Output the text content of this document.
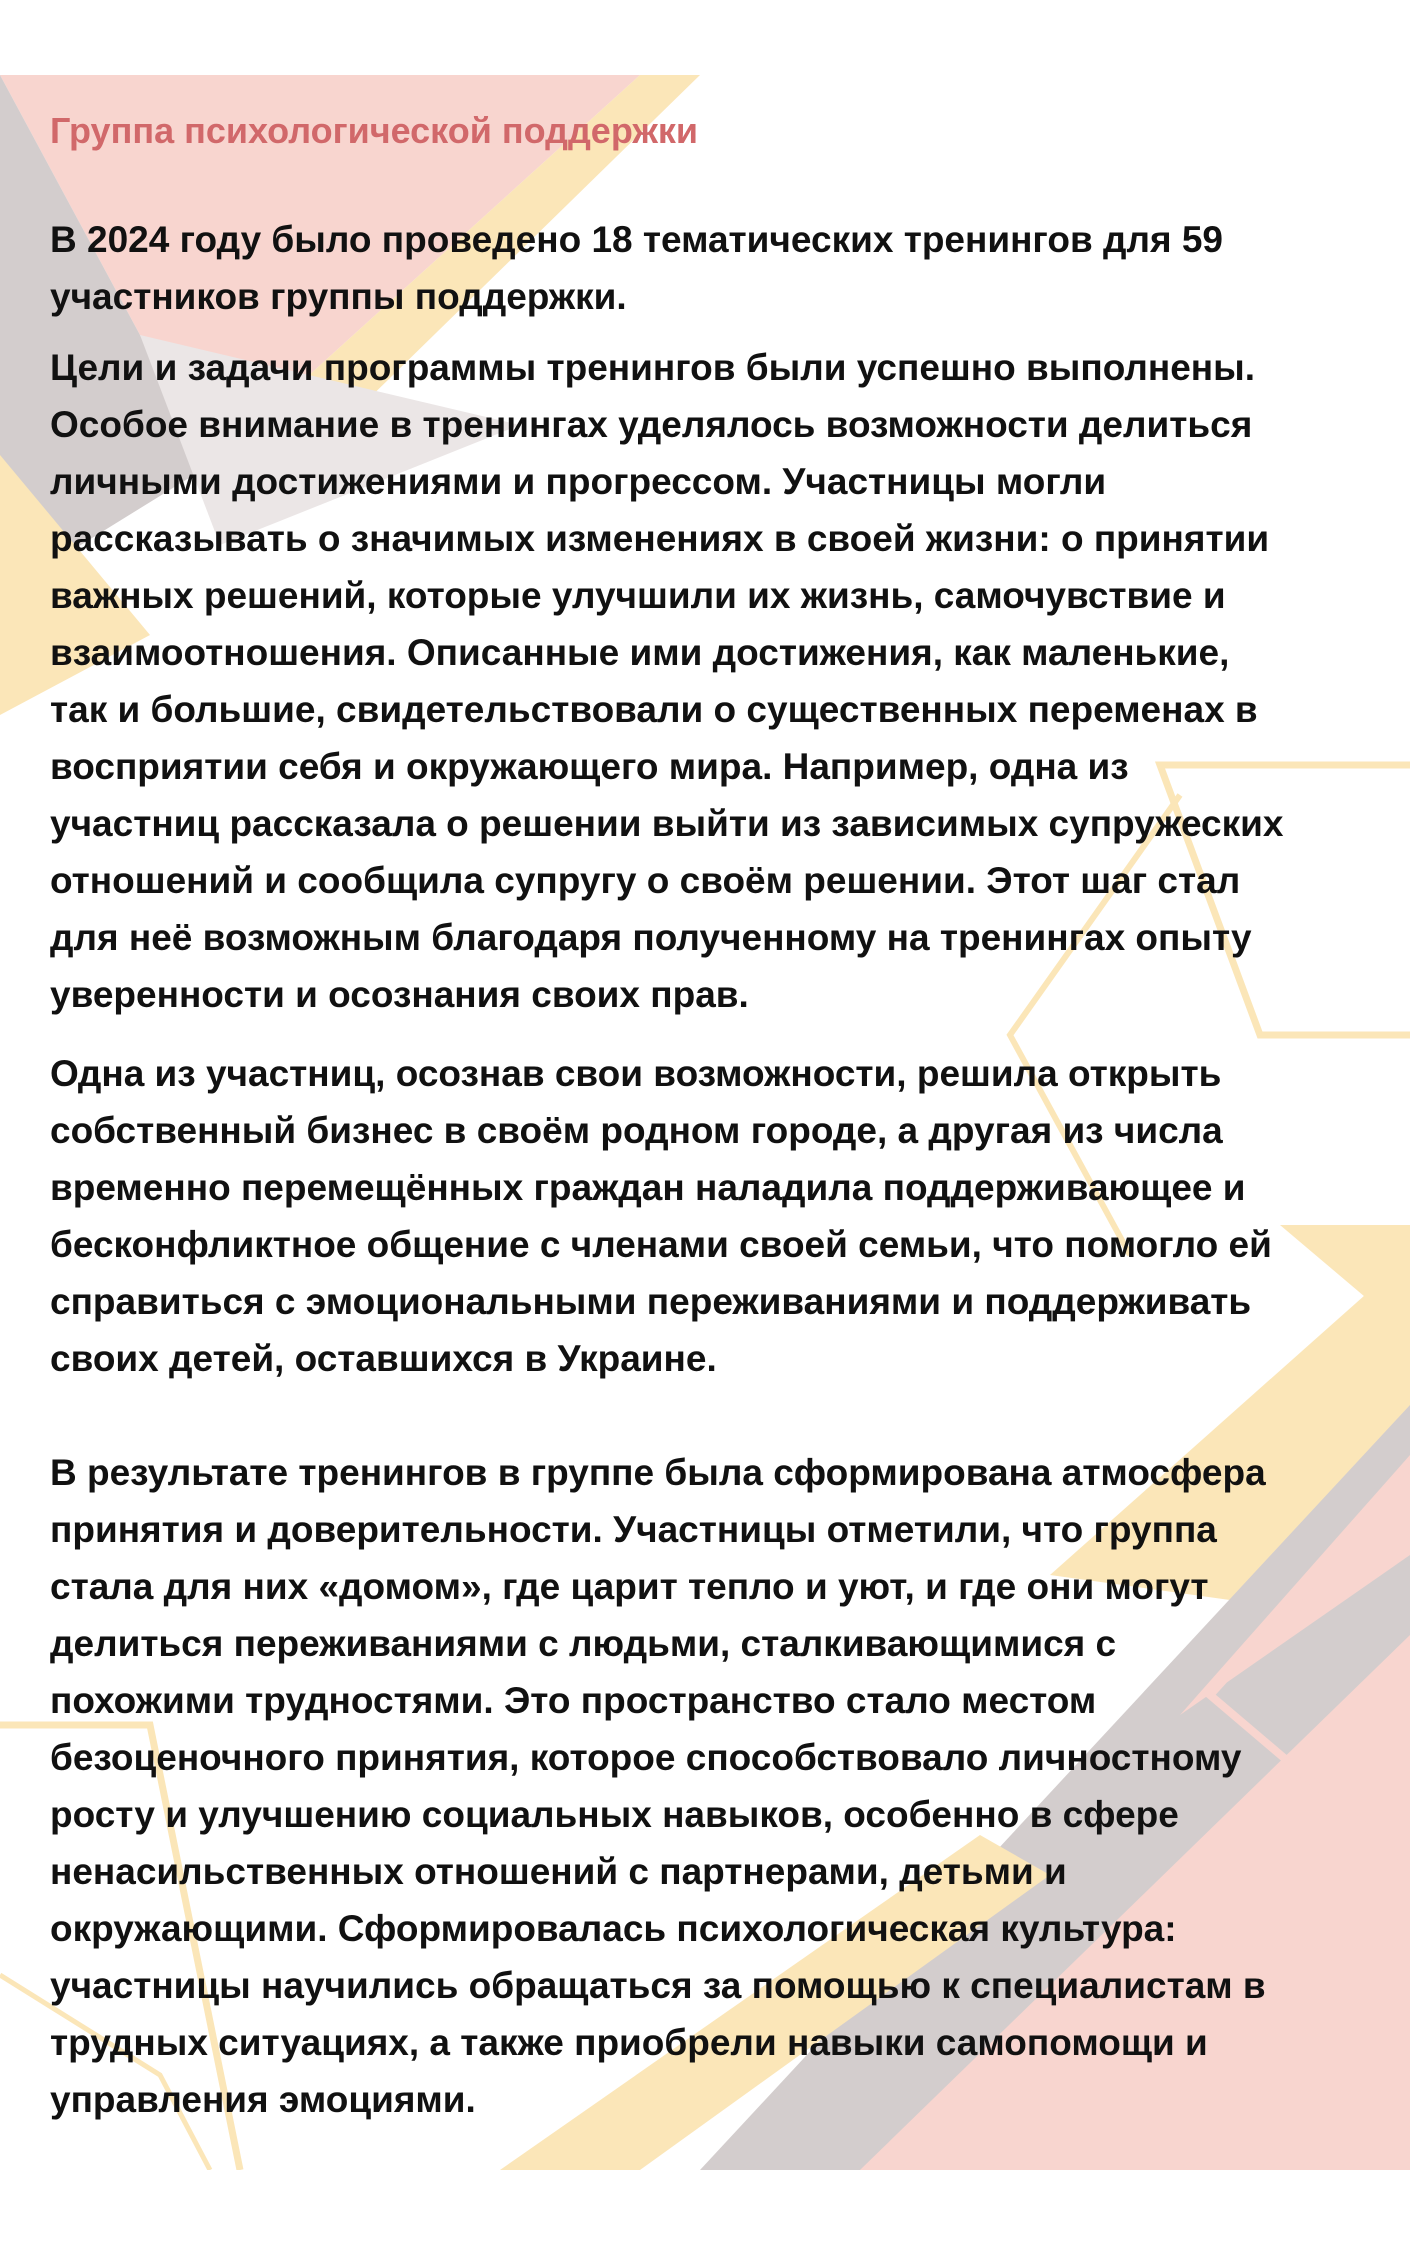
Группа психологической поддержки

В 2024 году было проведено 18 тематических тренингов для 59
участников группы поддержки.

Цели и задачи программы тренингов были успешно выполнены.
Особое внимание в тренингах уделялось возможности делиться
личными достижениями и прогрессом. Участницы могли
рассказывать о значимых изменениях в своей жизни: о принятии
важных решений, которые улучшили их жизнь, самочувствие и
взаимоотношения. Описанные ими достижения, как маленькие,
так и большие, свидетельствовали о существенных переменах в
восприятии себя и окружающего мира. Например, одна из
участниц рассказала о решении выйти из зависимых супружеских
отношений и сообщила супругу о своём решении. Этот шаг стал
для неё возможным благодаря полученному на тренингах опыту
уверенности и осознания своих прав.

Одна из участниц, осознав свои возможности, решила открыть
собственный бизнес в своём родном городе, а другая из числа
временно перемещённых граждан наладила поддерживающее и
бесконфликтное общение с членами своей семьи, что помогло ей
справиться с эмоциональными переживаниями и поддерживать
своих детей, оставшихся в Украине.

В результате тренингов в группе была сформирована атмосфера
принятия и доверительности. Участницы отметили, что группа
стала для них «домом», где царит тепло и уют, и где они могут
делиться переживаниями с людьми, сталкивающимися с
похожими трудностями. Это пространство стало местом
безоценочного принятия, которое способствовало личностному
росту и улучшению социальных навыков, особенно в сфере
ненасильственных отношений с партнерами, детьми и
окружающими. Сформировалась психологическая культура:
участницы научились обращаться за помощью к специалистам в
трудных ситуациях, а также приобрели навыки самопомощи и
управления эмоциями.
